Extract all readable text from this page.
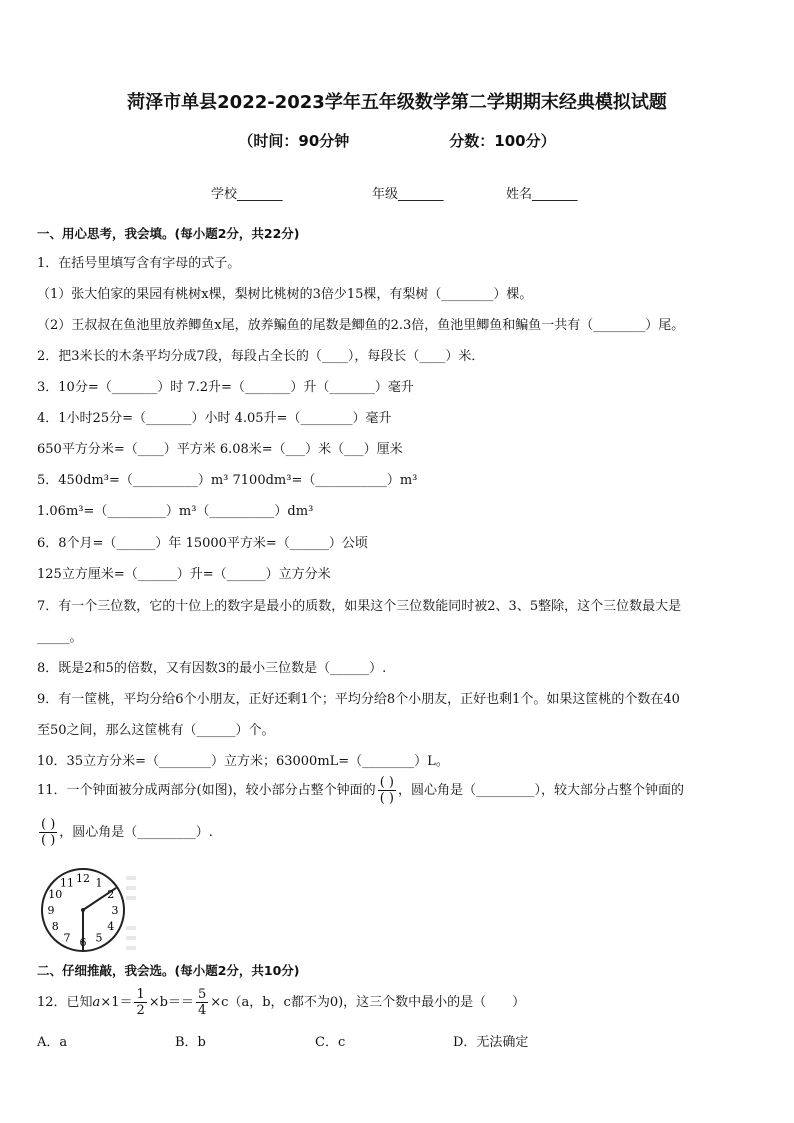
菏泽市单县2022-2023学年五年级数学第二学期期末经典模拟试题
（时间：90分钟	分数：100分）
学校_______	年级_______	姓名_______
一、用心思考，我会填。(每小题2分，共22分)
1．在括号里填写含有字母的式子。
（1）张大伯家的果园有桃树x棵，梨树比桃树的3倍少15棵，有梨树（________）棵。
（2）王叔叔在鱼池里放养鲫鱼x尾，放养鳊鱼的尾数是鲫鱼的2.3倍，鱼池里鲫鱼和鳊鱼一共有（________）尾。
2．把3米长的木条平均分成7段，每段占全长的（____），每段长（____）米．
3．10分=（_______）时 7.2升=（_______）升（_______）毫升
4．1小时25分=（_______）小时 4.05升=（________）毫升
650平方分米=（____）平方米 6.08米=（___）米（___）厘米
5．450dm³=（__________）m³ 7100dm³=（___________）m³
1.06m³=（_________）m³（__________）dm³
6．8个月=（______）年 15000平方米=（______）公顷
125立方厘米=（______）升=（______）立方分米
7．有一个三位数，它的十位上的数字是最小的质数，如果这个三位数能同时被2、3、5整除，这个三位数最大是
_____。
8．既是2和5的倍数，又有因数3的最小三位数是（______）.
9．有一筐桃，平均分给6个小朋友，正好还剩1个；平均分给8个小朋友，正好也剩1个。如果这筐桃的个数在40
至50之间，那么这筐桃有（______）个。
10．35立方分米=（________）立方米；63000mL=（________）L。
11．一个钟面被分成两部分(如图)，较小部分占整个钟面的 $\frac{( )}{( )}$ ，圆心角是（_________），较大部分占整个钟面的
$\frac{( )}{( )}$ ，圆心角是（_________）.
12 1
2
3
4
5
6
7
8
9
10
11
二、仔细推敲，我会选。(每小题2分，共10分)
12．已知$a\times 1= \frac{1}{2} \times b== \frac{5}{4} \times c(a$，b，c都不为0)，这三个数中最小的是（　　）
A．a	B．b	C．c	D．无法确定
